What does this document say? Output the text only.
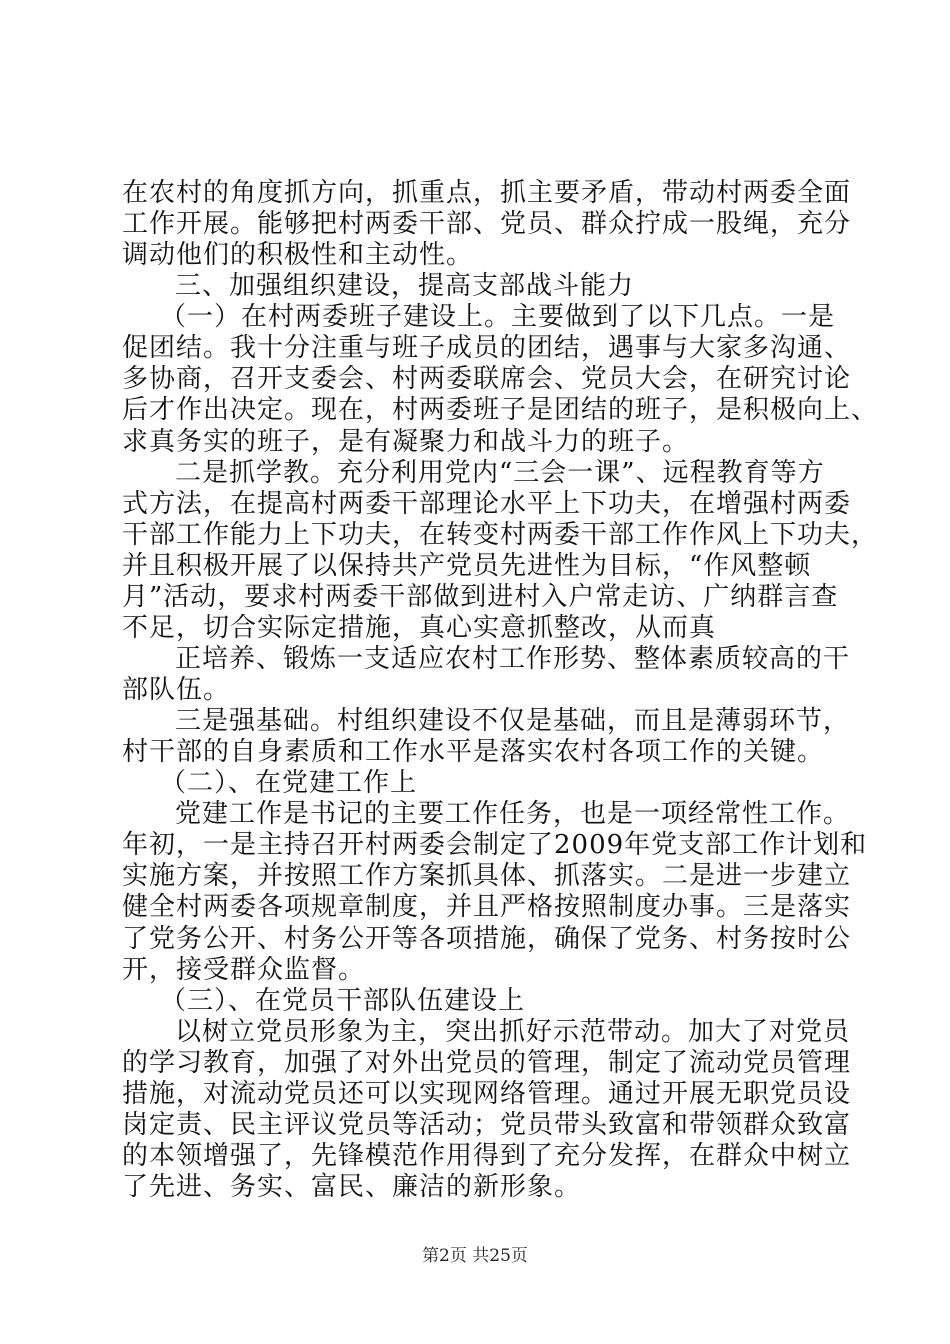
在农村的角度抓方向，抓重点，抓主要矛盾，带动村两委全面
工作开展。能够把村两委干部、党员、群众拧成一股绳，充分
调动他们的积极性和主动性。
三、加强组织建设，提高支部战斗能力
（一）在村两委班子建设上。主要做到了以下几点。一是
促团结。我十分注重与班子成员的团结，遇事与大家多沟通、
多协商，召开支委会、村两委联席会、党员大会，在研究讨论
后才作出决定。现在，村两委班子是团结的班子，是积极向上、
求真务实的班子，是有凝聚力和战斗力的班子。
二是抓学教。充分利用党内“三会一课”、远程教育等方
式方法，在提高村两委干部理论水平上下功夫，在增强村两委
干部工作能力上下功夫，在转变村两委干部工作作风上下功夫，
并且积极开展了以保持共产党员先进性为目标，“作风整顿
月”活动，要求村两委干部做到进村入户常走访、广纳群言查
不足，切合实际定措施，真心实意抓整改，从而真
正培养、锻炼一支适应农村工作形势、整体素质较高的干
部队伍。
三是强基础。村组织建设不仅是基础，而且是薄弱环节，
村干部的自身素质和工作水平是落实农村各项工作的关键。
（二）、在党建工作上
党建工作是书记的主要工作任务，也是一项经常性工作。
年初，一是主持召开村两委会制定了2009年党支部工作计划和
实施方案，并按照工作方案抓具体、抓落实。二是进一步建立
健全村两委各项规章制度，并且严格按照制度办事。三是落实
了党务公开、村务公开等各项措施，确保了党务、村务按时公
开，接受群众监督。
（三）、在党员干部队伍建设上
以树立党员形象为主，突出抓好示范带动。加大了对党员
的学习教育，加强了对外出党员的管理，制定了流动党员管理
措施，对流动党员还可以实现网络管理。通过开展无职党员设
岗定责、民主评议党员等活动；党员带头致富和带领群众致富
的本领增强了，先锋模范作用得到了充分发挥，在群众中树立
了先进、务实、富民、廉洁的新形象。
第2页 共25页
